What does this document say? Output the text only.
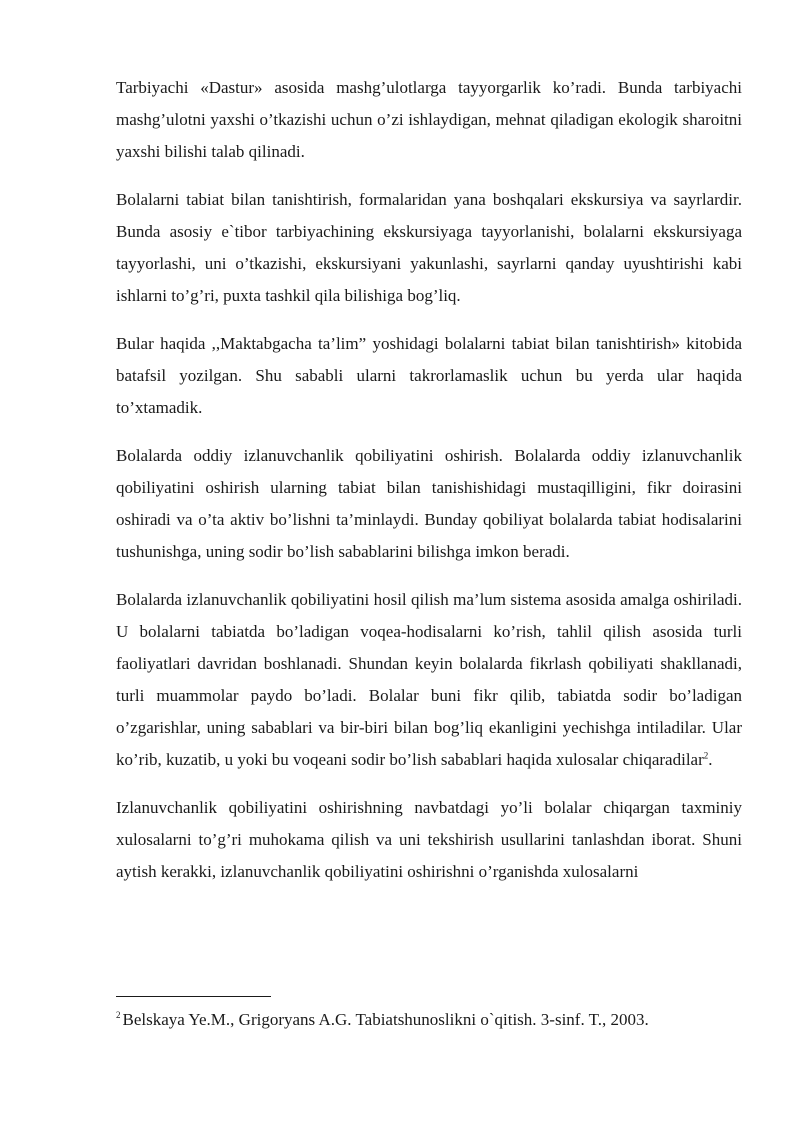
Tarbiyachi «Dastur» asosida mashg’ulotlarga tayyorgarlik ko’radi. Bunda tarbiyachi mashg’ulotni yaxshi o’tkazishi uchun o’zi ishlaydigan, mehnat qiladigan ekologik sharoitni yaxshi bilishi talab qilinadi.

Bolalarni tabiat bilan tanishtirish, formalaridan yana boshqalari ekskursiya va sayrlardir. Bunda asosiy e`tibor tarbiyachining ekskursiyaga tayyorlanishi, bolalarni ekskursiyaga tayyorlashi, uni o’tkazishi, ekskursiyani yakunlashi, sayrlarni qanday uyushtirishi kabi ishlarni to’g’ri, puxta tashkil qila bilishiga bog’liq.

Bular haqida ,,Maktabgacha ta’lim” yoshidagi bolalarni tabiat bilan tanishtirish» kitobida batafsil yozilgan. Shu sababli ularni takrorlamaslik uchun bu yerda ular haqida to’xtamadik.

Bolalarda oddiy izlanuvchanlik qobiliyatini oshirish. Bolalarda oddiy izlanuvchanlik qobiliyatini oshirish ularning tabiat bilan tanishishidagi mustaqilligini, fikr doirasini oshiradi va o’ta aktiv bo’lishni ta’minlaydi. Bunday qobiliyat bolalarda tabiat hodisalarini tushunishga, uning sodir bo’lish sabablarini bilishga imkon beradi.

Bolalarda izlanuvchanlik qobiliyatini hosil qilish ma’lum sistema asosida amalga oshiriladi. U bolalarni tabiatda bo’ladigan voqea-hodisalarni ko’rish, tahlil qilish asosida turli faoliyatlari davridan boshlanadi. Shundan keyin bolalarda fikrlash qobiliyati shakllanadi, turli muammolar paydo bo’ladi. Bolalar buni fikr qilib, tabiatda sodir bo’ladigan o’zgarishlar, uning sabablari va bir-biri bilan bog’liq ekanligini yechishga intiladilar. Ular ko’rib, kuzatib, u yoki bu voqeani sodir bo’lish sabablari haqida xulosalar chiqaradilar$^2$.

Izlanuvchanlik qobiliyatini oshirishning navbatdagi yo’li bolalar chiqargan taxminiy xulosalarni to’g’ri muhokama qilish va uni tekshirish usullarini tanlashdan iborat. Shuni aytish kerakki, izlanuvchanlik qobiliyatini oshirishni o’rganishda xulosalarni

$^2$ Belskaya Ye.M., Grigoryans A.G. Tabiatshunoslikni o`qitish. 3-sinf. T., 2003.
